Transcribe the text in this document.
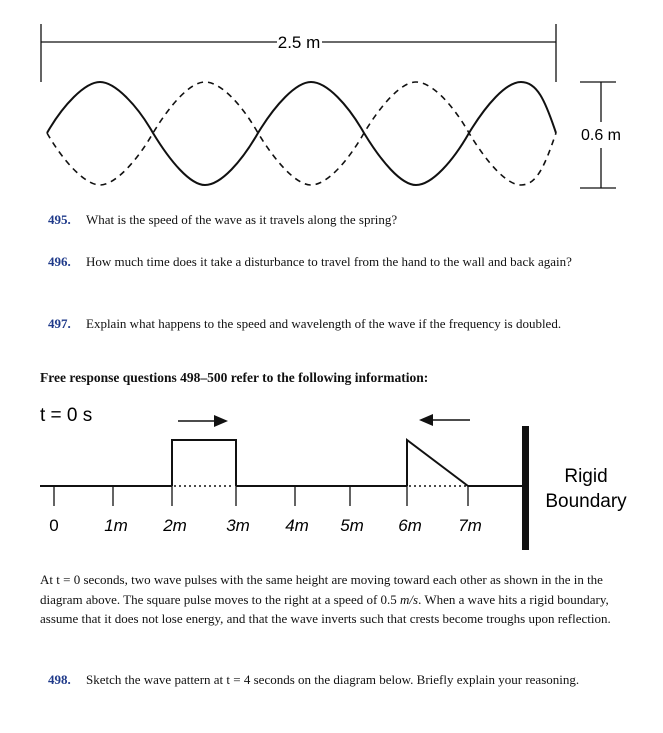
2.5 m
0.6 m
495.	What is the speed of the wave as it travels along the spring?
496.	How much time does it take a disturbance to travel from the hand to the wall and back again?
497.	Explain what happens to the speed and wavelength of the wave if the frequency is doubled.
Free response questions 498–500 refer to the following information:
t = 0 s
0	1m 2m 3m 4m 5m 6m 7m
Rigid
Boundary
At t = 0 seconds, two wave pulses with the same height are moving toward each other as shown in the in the diagram above. The square pulse moves to the right at a speed of 0.5 m/s. When a wave hits a rigid boundary, assume that it does not lose energy, and that the wave inverts such that crests become troughs upon reflection.
498.	Sketch the wave pattern at t = 4 seconds on the diagram below. Briefly explain your reasoning.
